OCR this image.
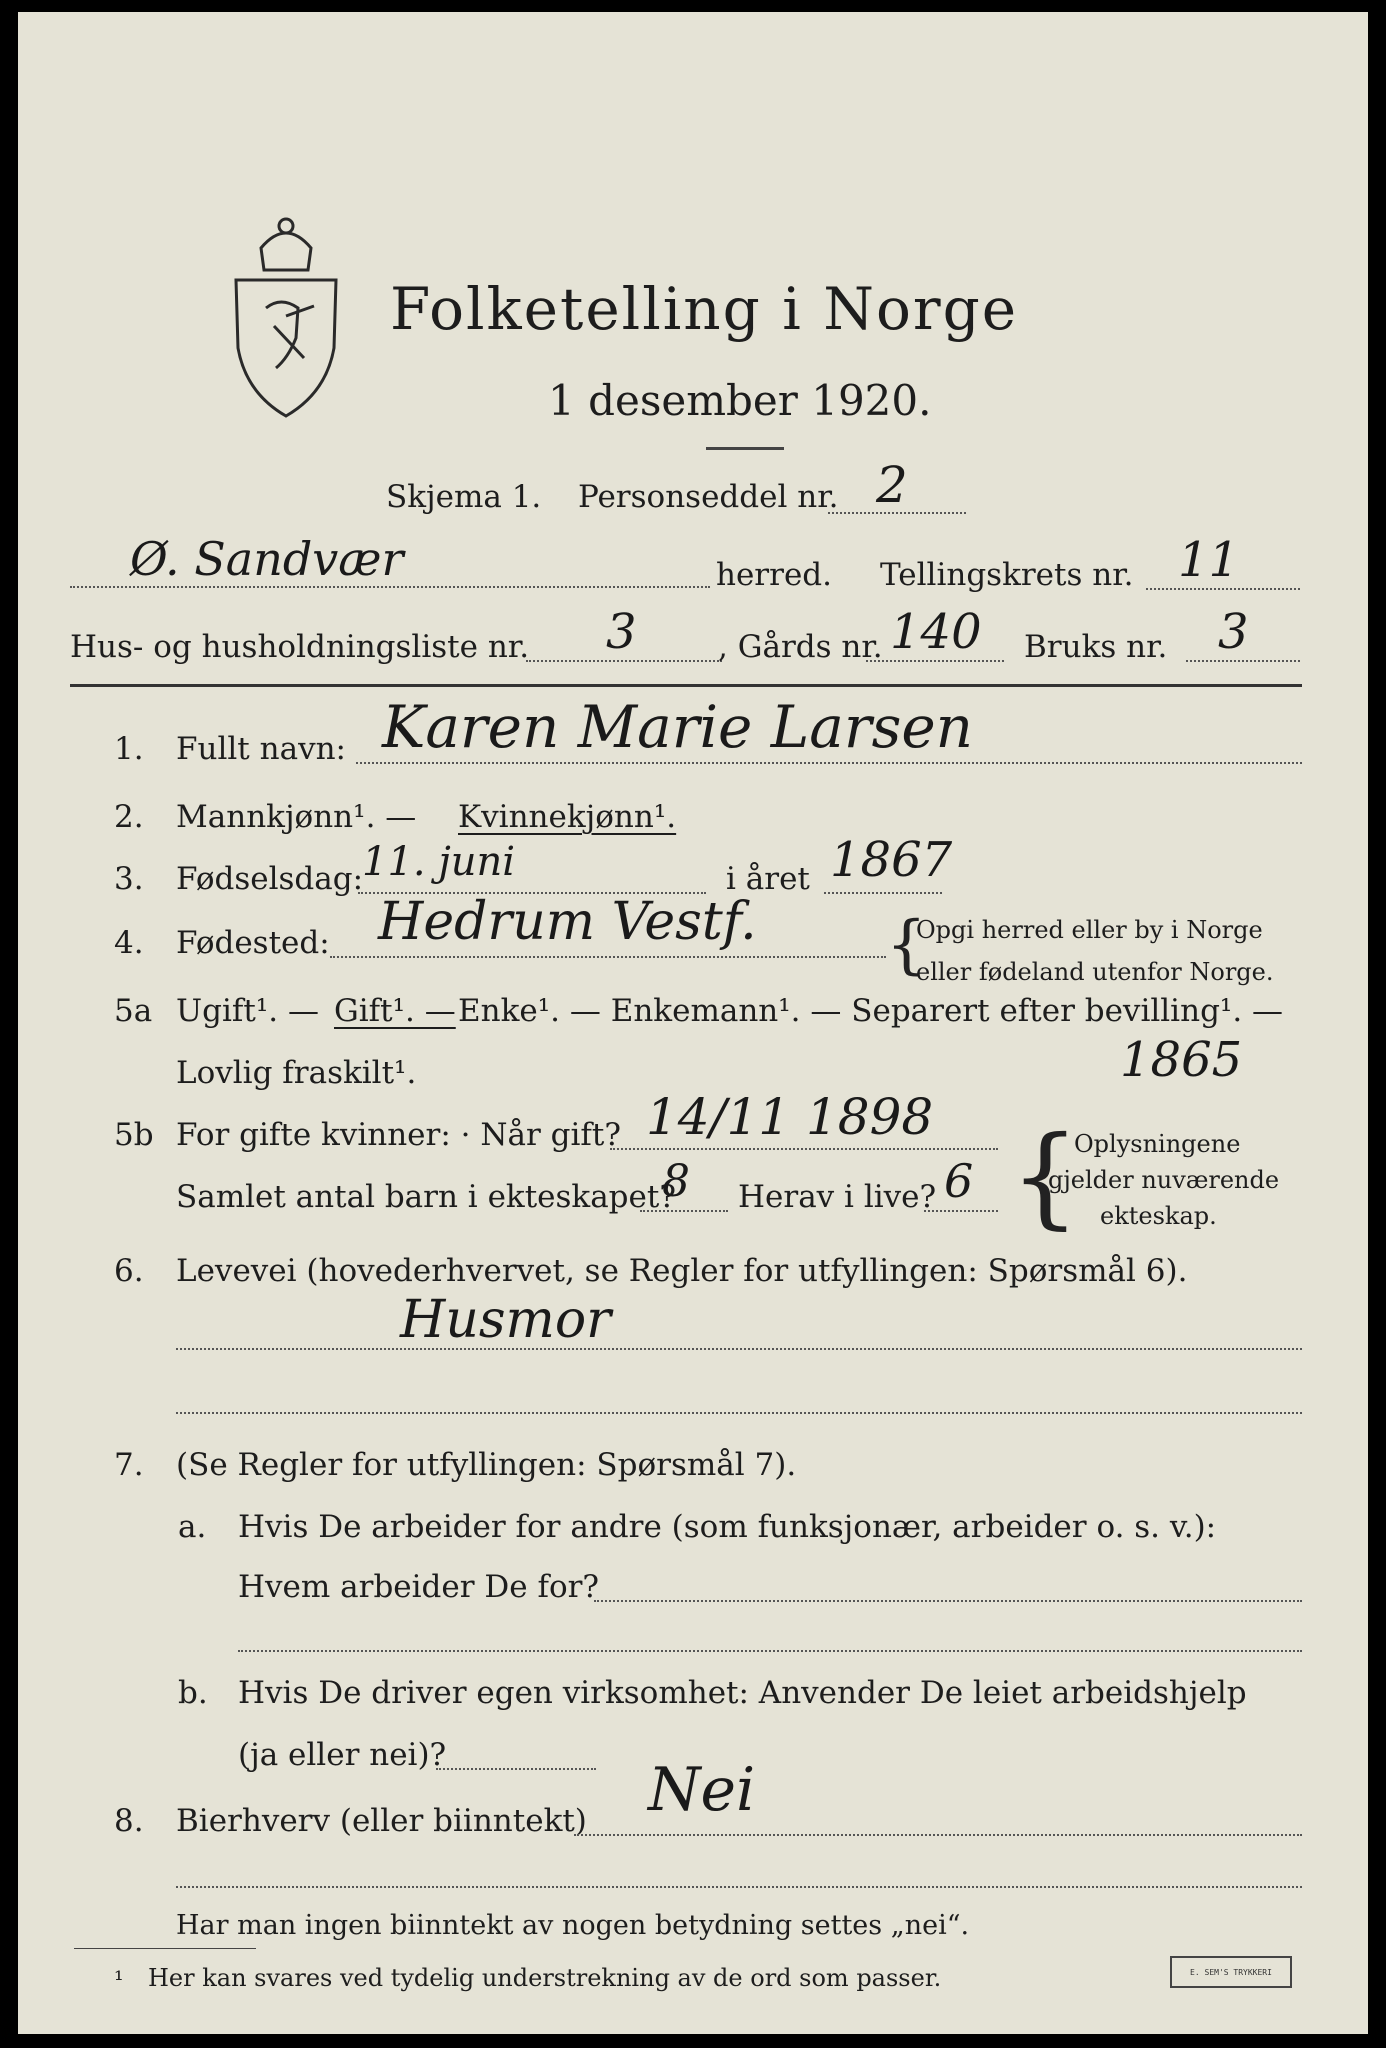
Folketelling i Norge
1 desember 1920.
Skjema 1. Personseddel nr. 2
Ø. Sandvær	herred. Tellingskrets nr. 11
Hus- og husholdningsliste nr. 3	, Gårds nr. 140 Bruks nr. 3
1. Fullt navn: Karen Marie Larsen
2. Mannkjønn¹. — Kvinnekjønn¹.
3. Fødselsdag:
11. juni	i året 1867
4. Fødested: Hedrum Vestf. {
Opgi herred eller by i Norge
eller fødeland utenfor Norge.
5a Ugift¹. — Gift¹. — Enke¹. — Enkemann¹. — Separert efter bevilling¹. —
Lovlig fraskilt¹.	1865
5b For gifte kvinner: · Når gift? 14/11 1898
Samlet antal barn i ekteskapet?
8 Herav i live? 6 {
Oplysningene
gjelder nuværende
ekteskap.
6. Levevei (hovederhvervet, se Regler for utfyllingen: Spørsmål 6).
Husmor
7. (Se Regler for utfyllingen: Spørsmål 7).
a. Hvis De arbeider for andre (som funksjonær, arbeider o. s. v.):
Hvem arbeider De for?
b. Hvis De driver egen virksomhet: Anvender De leiet arbeidshjelp
(ja eller nei)?
8. Bierhverv (eller biinntekt) Nei
Har man ingen biinntekt av nogen betydning settes „nei“.
¹ Her kan svares ved tydelig understrekning av de ord som passer.	E. SEM'S TRYKKERI
